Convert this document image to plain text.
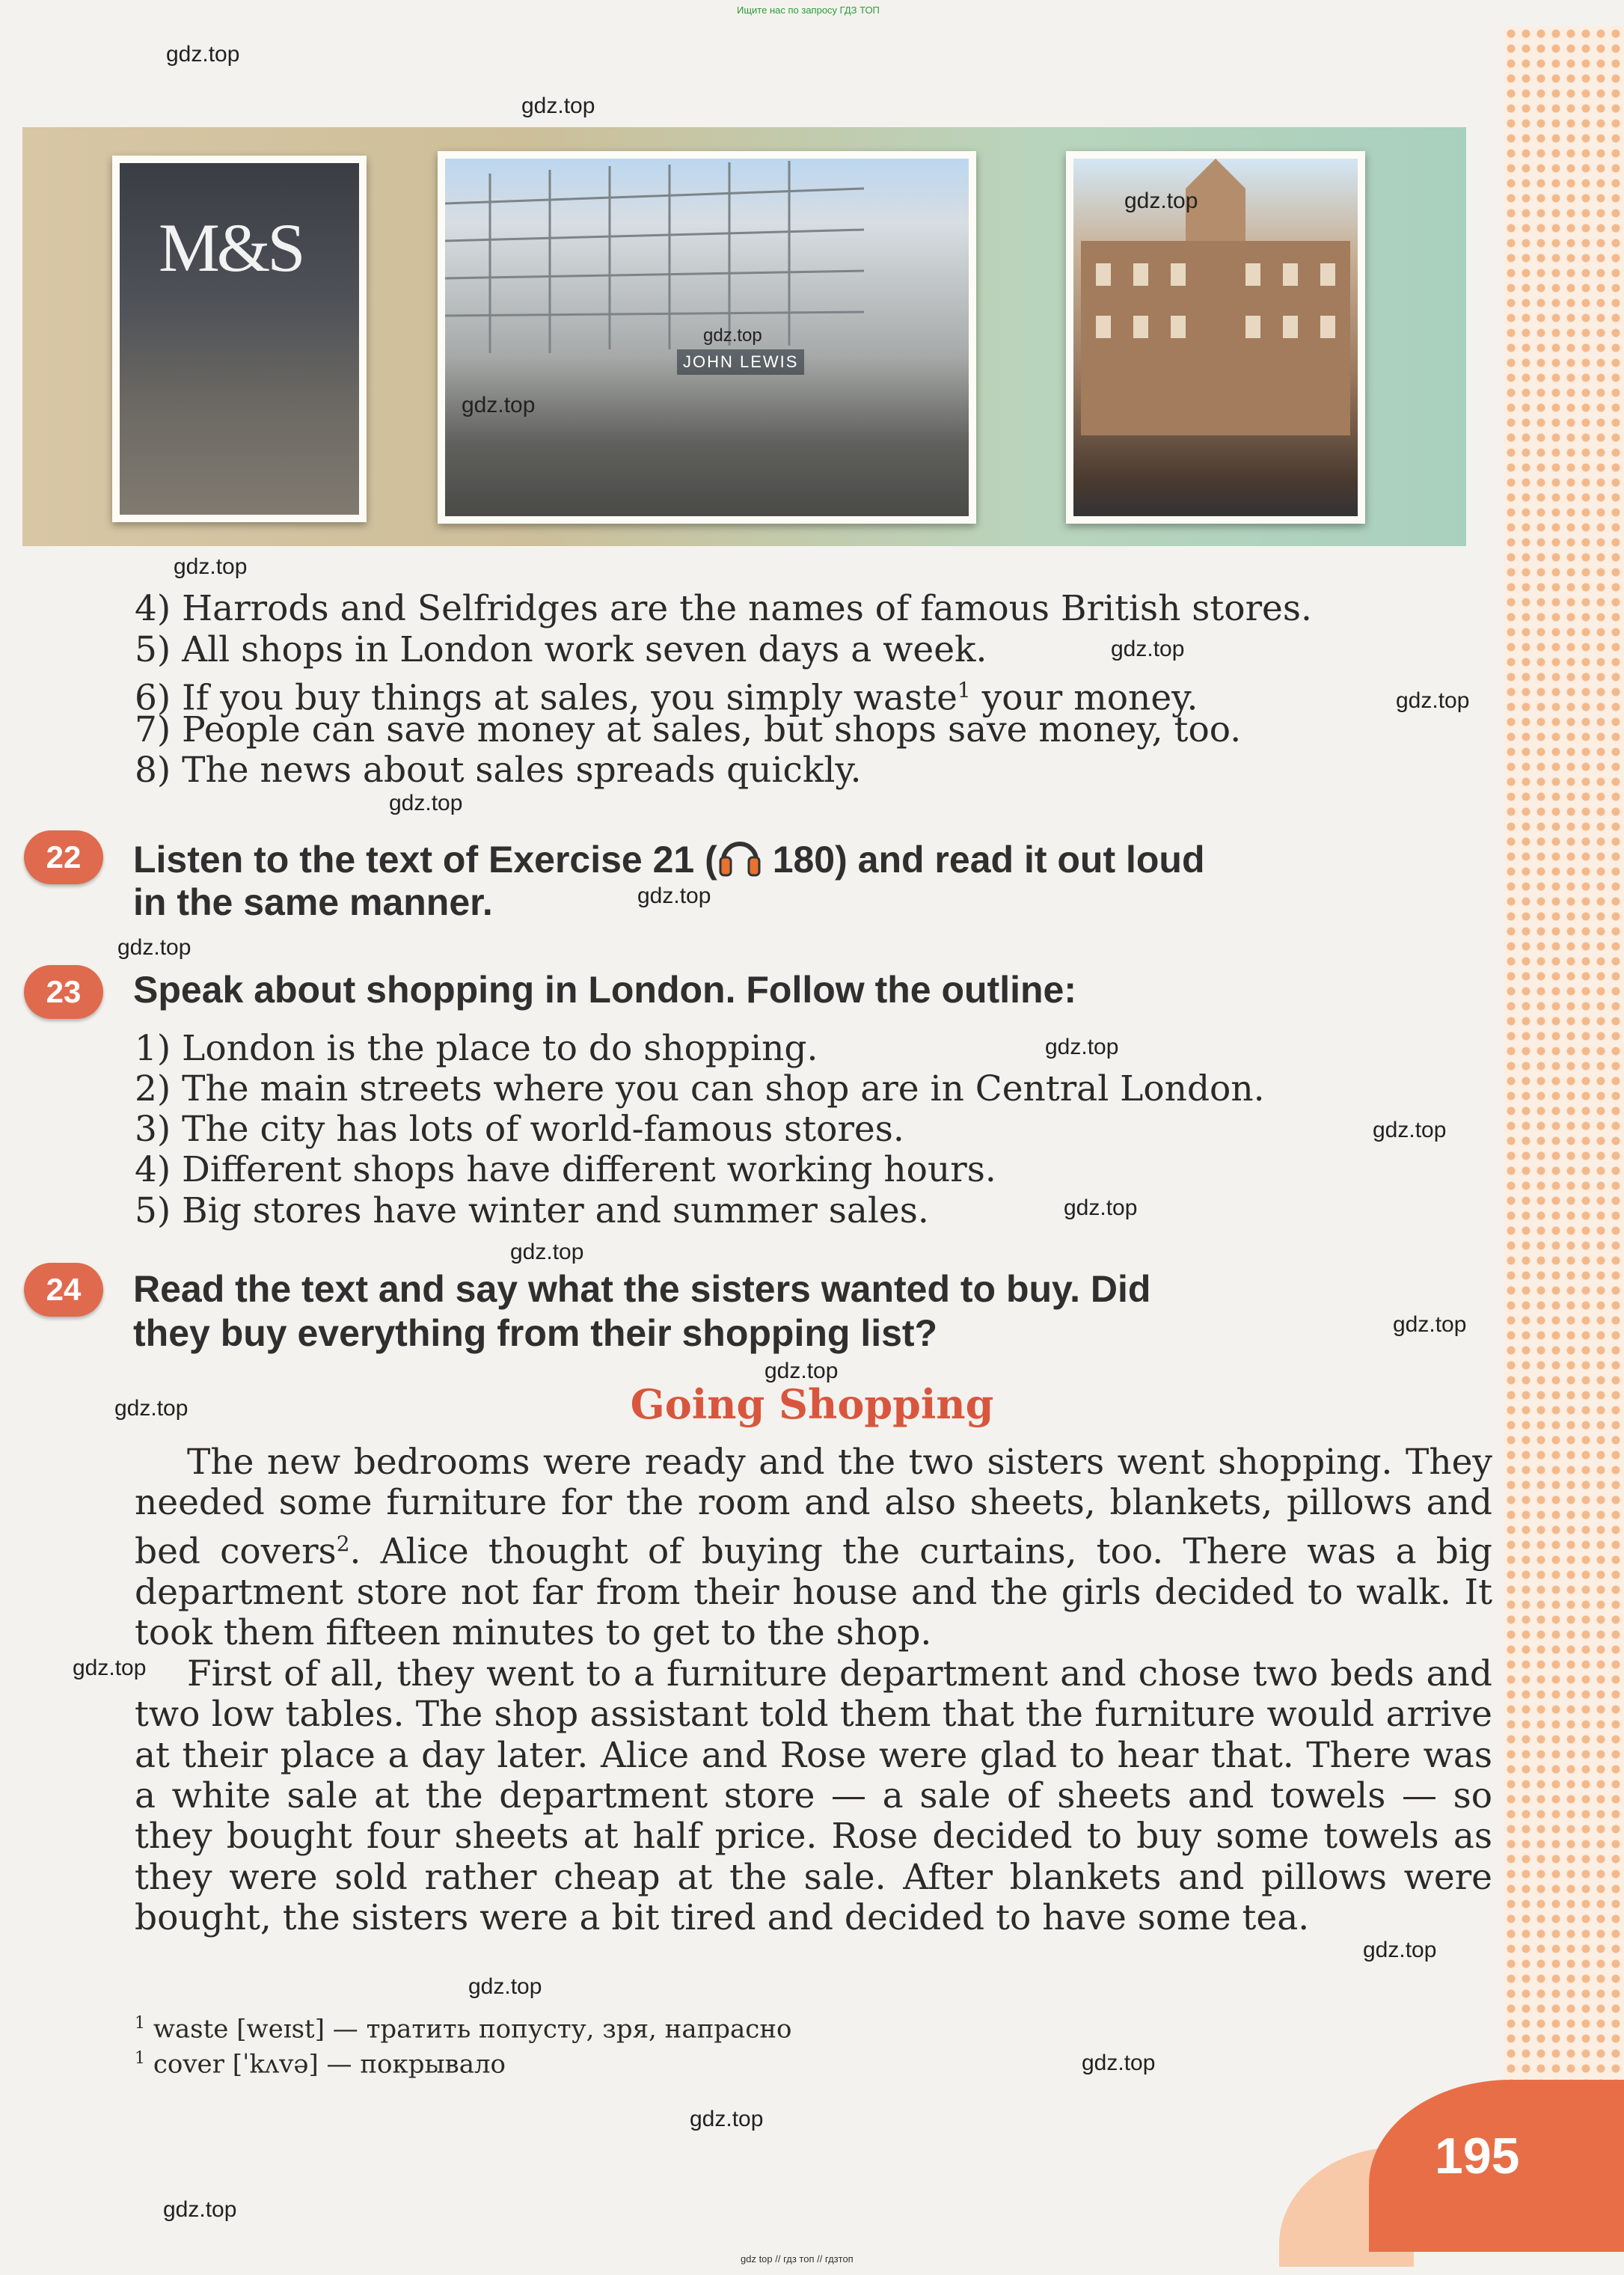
Ищите нас по запросу ГДЗ ТОП
M&S
JOHN LEWIS
4) Harrods and Selfridges are the names of famous British stores.
5) All shops in London work seven days a week.
6) If you buy things at sales, you simply waste$^1$ your money.
7) People can save money at sales, but shops save money, too.
8) The news about sales spreads quickly.
22	Listen to the text of Exercise 21 ( 180) and read it out loud
in the same manner.
23	Speak about shopping in London. Follow the outline:
1) London is the place to do shopping.
2) The main streets where you can shop are in Central London.
3) The city has lots of world-famous stores.
4) Different shops have different working hours.
5) Big stores have winter and summer sales.
24	Read the text and say what the sisters wanted to buy. Did
they buy everything from their shopping list?
Going Shopping

The new bedrooms were ready and the two sisters went shopping. They needed some furniture for the room and also sheets, blankets, pillows and bed covers$^2$. Alice thought of buying the curtains, too. There was a big department store not far from their house and the girls decided to walk. It took them fifteen minutes to get to the shop.

First of all, they went to a furniture department and chose two beds and two low tables. The shop assistant told them that the furniture would arrive at their place a day later. Alice and Rose were glad to hear that. There was a white sale at the department store — a sale of sheets and towels — so they bought four sheets at half price. Rose decided to buy some towels as they were sold rather cheap at the sale. After blankets and pillows were bought, the sisters were a bit tired and decided to have some tea.

$^1$ waste [weɪst] — тратить попусту, зря, напрасно
$^1$ cover [ˈkʌvə] — покрывало
195
gdz.top
gdz.top
gdz.top
gdz.top
gdz.top
gdz.top
gdz.top
gdz.top
gdz.top
gdz.top
gdz.top
gdz.top
gdz.top
gdz.top
gdz.top
gdz.top
gdz.top
gdz.top
gdz.top
gdz.top
gdz.top
gdz.top
gdz.top
gdz.top
gdz top // гдз топ // гдзтоп
